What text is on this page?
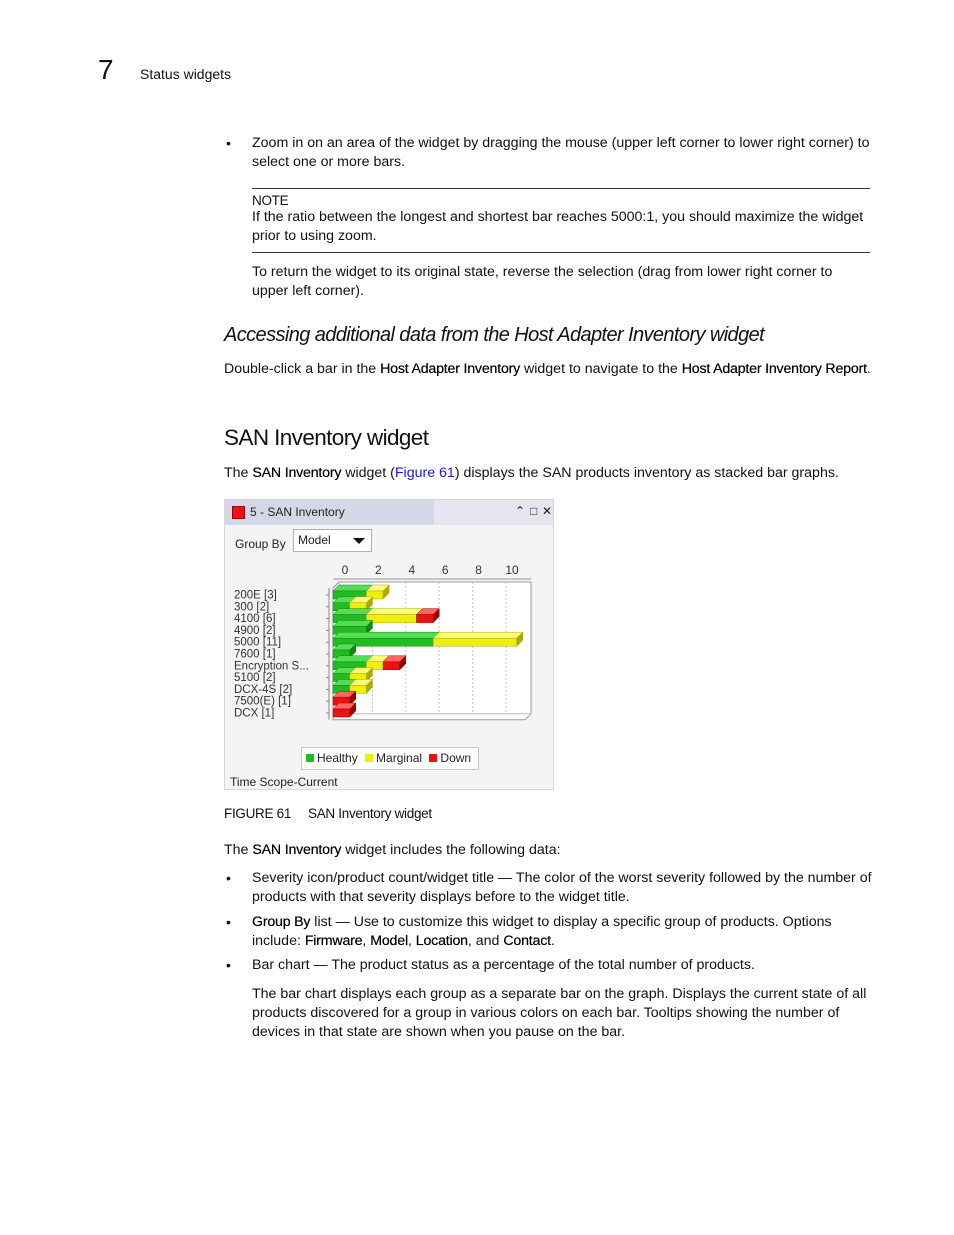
7 Status widgets
• Zoom in on an area of the widget by dragging the mouse (upper left corner to lower right corner) to select one or more bars.
NOTE
If the ratio between the longest and shortest bar reaches 5000:1, you should maximize the widget prior to using zoom.
To return the widget to its original state, reverse the selection (drag from lower right corner to upper left corner).
Accessing additional data from the Host Adapter Inventory widget
Double-click a bar in the Host Adapter Inventory widget to navigate to the Host Adapter Inventory Report.
SAN Inventory widget
The SAN Inventory widget (Figure 61) displays the SAN products inventory as stacked bar graphs.
5 - SAN Inventory	⌃ □ ✕
Group By	Model
0 2 4 6 8 10
200E [3]
300 [2]
4100 [6]
4900 [2]
5000 [11]
7600 [1]
Encryption S...
5100 [2]
DCX-4S [2]
7500(E) [1]
DCX [1]
Healthy Marginal Down
Time Scope-Current
FIGURE 61 SAN Inventory widget
The SAN Inventory widget includes the following data:
• Severity icon/product count/widget title — The color of the worst severity followed by the number of products with that severity displays before to the widget title.
• Group By list — Use to customize this widget to display a specific group of products. Options include: Firmware, Model, Location, and Contact.
• Bar chart — The product status as a percentage of the total number of products.
The bar chart displays each group as a separate bar on the graph. Displays the current state of all products discovered for a group in various colors on each bar. Tooltips showing the number of devices in that state are shown when you pause on the bar.
